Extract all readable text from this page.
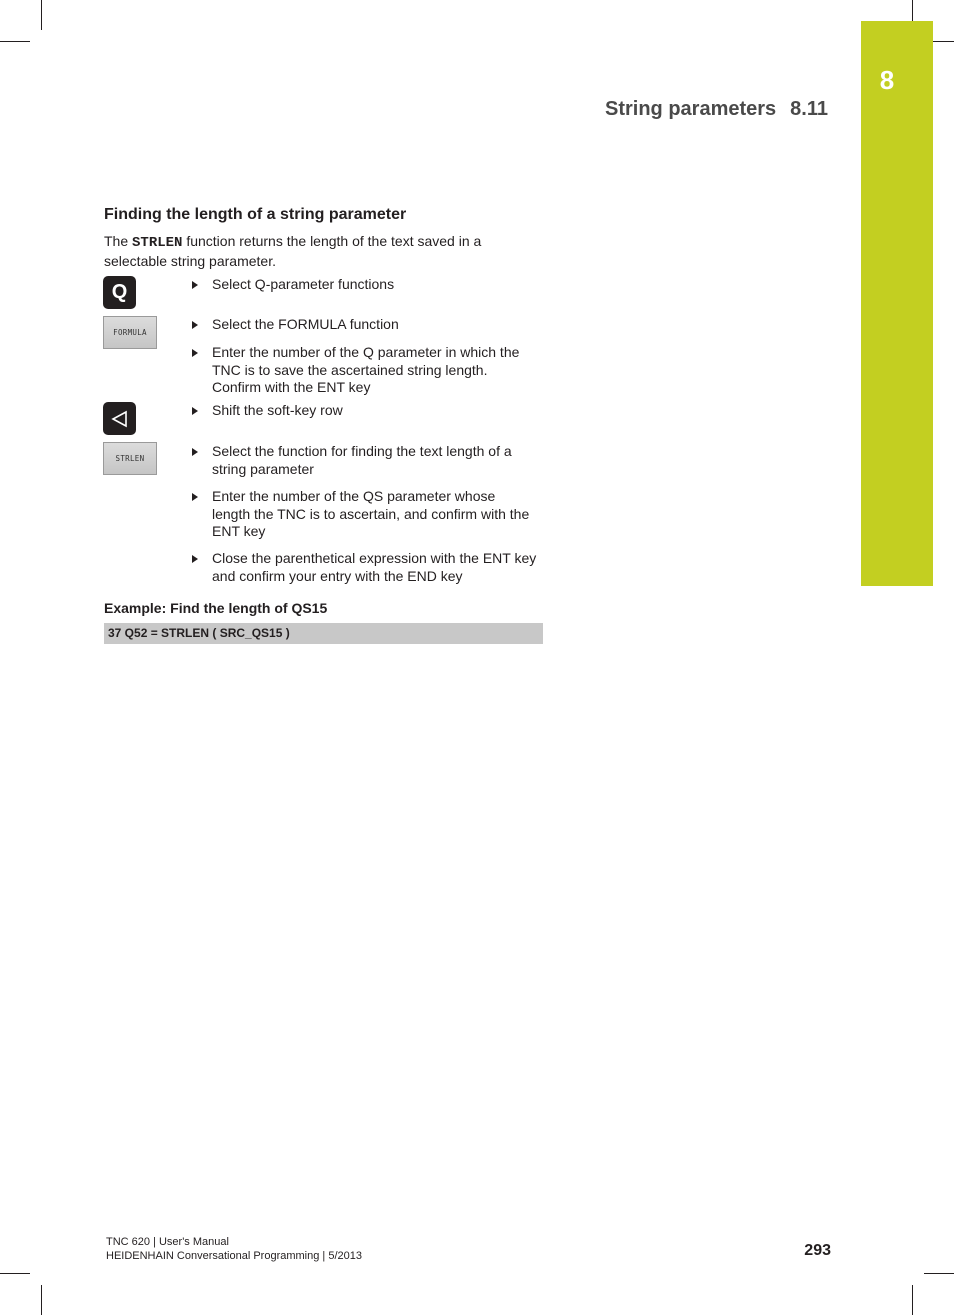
8
String parameters 8.11
Finding the length of a string parameter

The STRLEN function returns the length of the text saved in a selectable string parameter.

Q
FORMULA
STRLEN
Select Q-parameter functions
Select the FORMULA function
Enter the number of the Q parameter in which the TNC is to save the ascertained string length. Confirm with the ENT key
Shift the soft-key row
Select the function for finding the text length of a string parameter
Enter the number of the QS parameter whose length the TNC is to ascertain, and confirm with the ENT key
Close the parenthetical expression with the ENT key and confirm your entry with the END key
Example: Find the length of QS15
37 Q52 = STRLEN ( SRC_QS15 )
TNC 620 | User's Manual
HEIDENHAIN Conversational Programming | 5/2013	293
